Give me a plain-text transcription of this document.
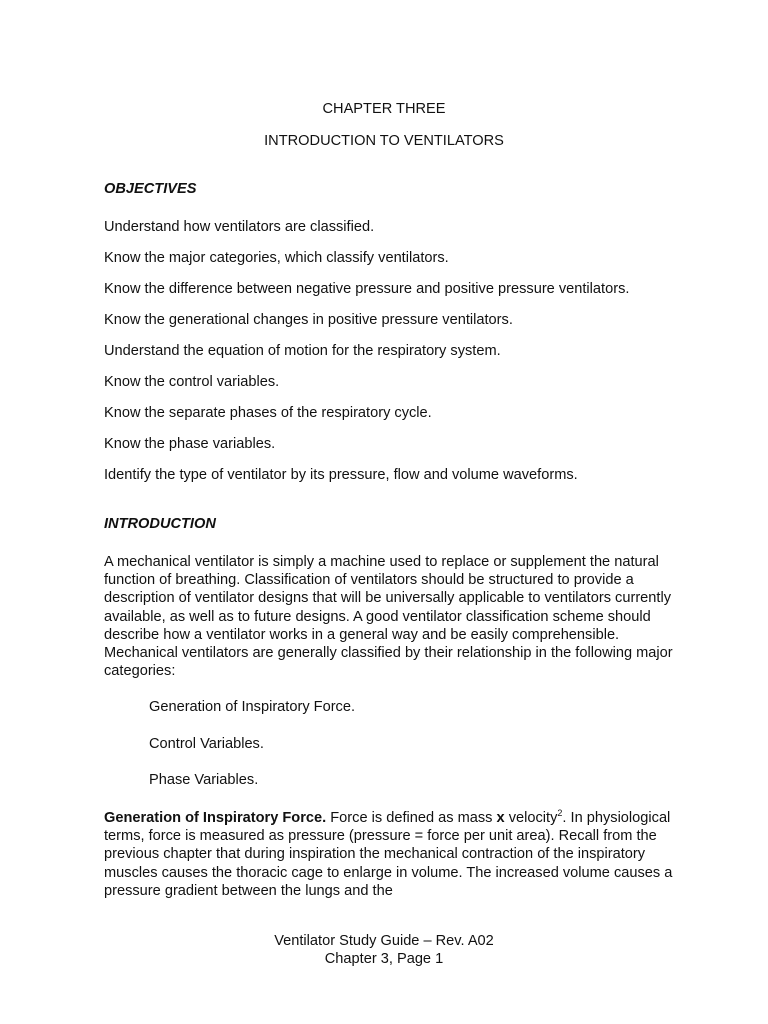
CHAPTER THREE
INTRODUCTION TO VENTILATORS
OBJECTIVES
Understand how ventilators are classified.
Know the major categories, which classify ventilators.
Know the difference between negative pressure and positive pressure ventilators.
Know the generational changes in positive pressure ventilators.
Understand the equation of motion for the respiratory system.
Know the control variables.
Know the separate phases of the respiratory cycle.
Know the phase variables.
Identify the type of ventilator by its pressure, flow and volume waveforms.
INTRODUCTION
A mechanical ventilator is simply a machine used to replace or supplement the natural function of breathing. Classification of ventilators should be structured to provide a description of ventilator designs that will be universally applicable to ventilators currently available, as well as to future designs. A good ventilator classification scheme should describe how a ventilator works in a general way and be easily comprehensible. Mechanical ventilators are generally classified by their relationship in the following major categories:
Generation of Inspiratory Force.
Control Variables.
Phase Variables.
Generation of Inspiratory Force. Force is defined as mass x velocity$^2$. In physiological terms, force is measured as pressure (pressure = force per unit area). Recall from the previous chapter that during inspiration the mechanical contraction of the inspiratory muscles causes the thoracic cage to enlarge in volume. The increased volume causes a pressure gradient between the lungs and the
Ventilator Study Guide – Rev. A02
Chapter 3, Page 1
